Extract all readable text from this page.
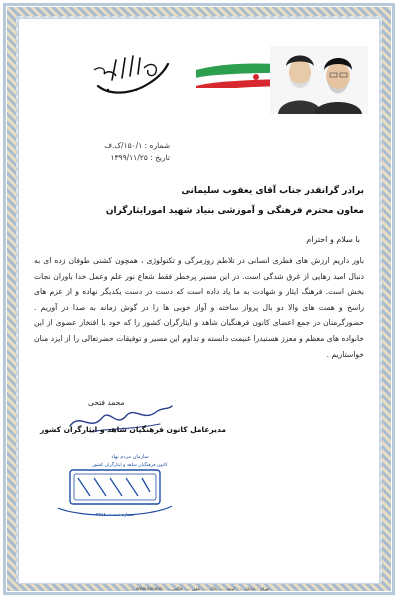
شماره : ۱۵۰/۱/ک.ف
تاریخ : ۱۳۹۹/۱۱/۲۵
برادر گرانقدر جناب آقای یعقوب سلیمانی
معاون محترم فرهنگی و آموزشی بنیاد شهید امورایثارگران
با سلام و احترام

باور داریم ارزش های فطری انسانی در تلاطم روزمرگی و تکنولوژی ، همچون کشتی طوفان زده ای به دنبال امید رهایی از غرق شدگی است. در این مسیر پرخطر فقط شعاع نور علم وعمل خدا باوران نجات بخش است. فرهنگ ایثار و شهادت به ما یاد داده است که دست در دست یکدیگر نهاده و از عزم های راسخ و همت های والا دو بال پرواز ساخته و آواز خوبی ها را در گوش زمانه به صدا در آوریم . حضورگرمتان در جمع اعضای کانون فرهنگیان شاهد و ایثارگران کشور را که خود با افتخار عضوی از این خانواده های معظم و معزز هستیدرا غنیمت دانسته و تداوم این مسیر و توفیقات حضرتعالی را از ایزد منان خواستاریم .

محمد فتحی
مدیرعامل کانون فرهنگیان شاهد و ایثارگران کشور
سازمان مردم نهاد
کانون فرهنگیان شاهد و ایثارگران کشور
شماره ثبت : ۲۲۸۸۰
تهران - خیابان ... - کوچه ... - پلاک ... - تلفن ... - فاکس ... - www.kanoon ...
